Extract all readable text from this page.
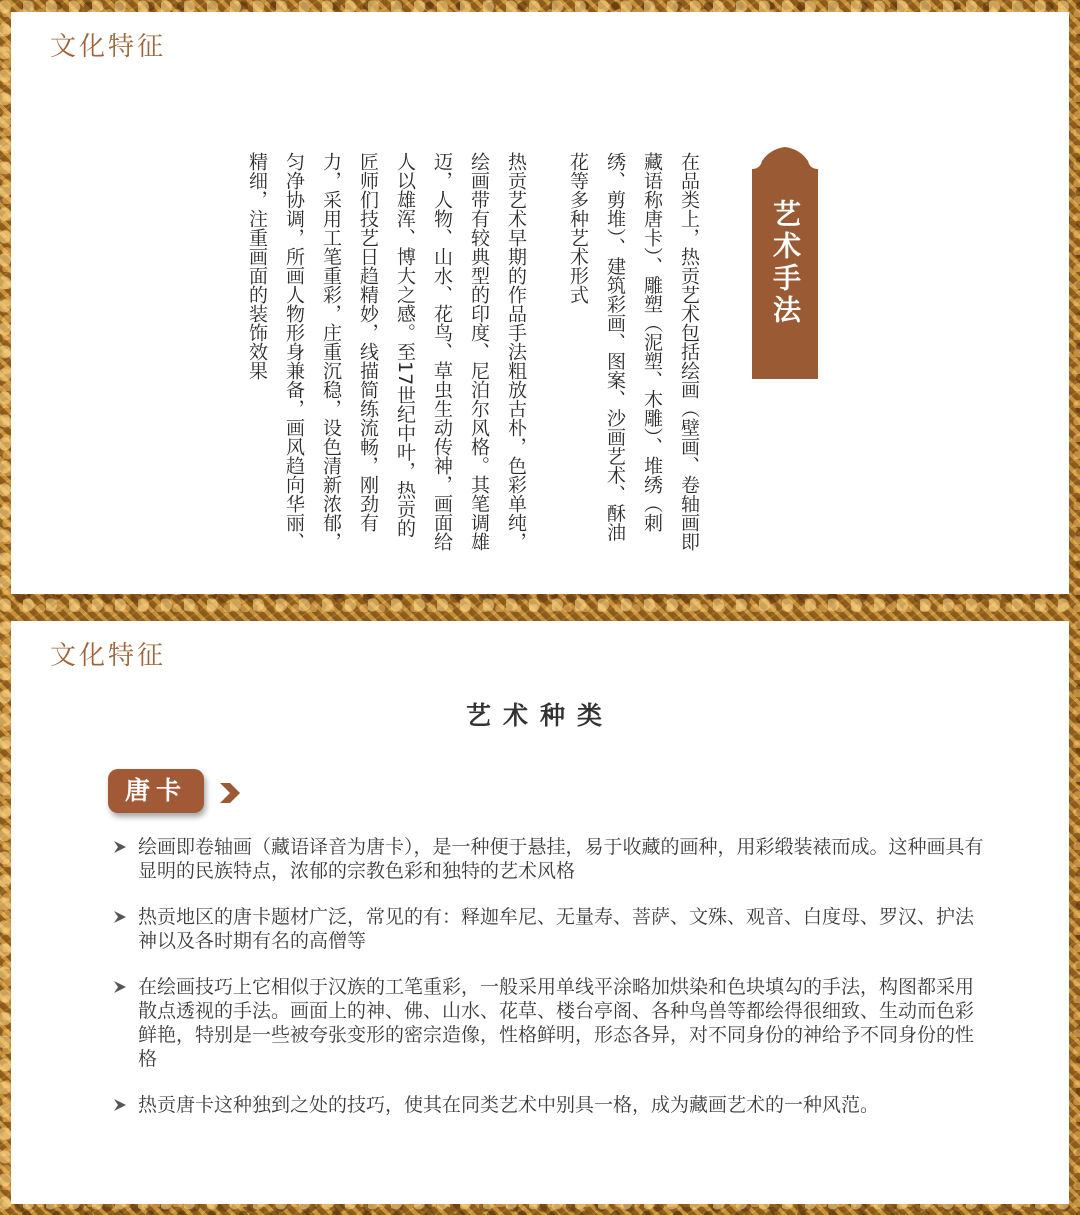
文化特征

在品类上，热贡艺术包括绘画（壁画、卷轴画即藏语称唐卡）、雕塑（泥塑、木雕）、堆绣（刺绣、剪堆）、建筑彩画、图案、沙画艺术、酥油花等多种艺术形式

热贡艺术早期的作品手法粗放古朴，色彩单纯，绘画带有较典型的印度、尼泊尔风格。其笔调雄迈，人物、山水、花鸟、草虫生动传神，画面给人以雄浑、博大之感。至17世纪中叶，热贡的匠师们技艺日趋精妙，线描简练流畅，刚劲有力，采用工笔重彩，庄重沉稳，设色清新浓郁，匀净协调，所画人物形身兼备，画风趋向华丽、精细，注重画面的装饰效果	艺术手法
文化特征
艺术种类
唐卡
绘画即卷轴画（藏语译音为唐卡），是一种便于悬挂，易于收藏的画种，用彩缎装裱而成。这种画具有显明的民族特点，浓郁的宗教色彩和独特的艺术风格
热贡地区的唐卡题材广泛，常见的有：释迦牟尼、无量寿、菩萨、文殊、观音、白度母、罗汉、护法神以及各时期有名的高僧等
在绘画技巧上它相似于汉族的工笔重彩，一般采用单线平涂略加烘染和色块填勾的手法，构图都采用散点透视的手法。画面上的神、佛、山水、花草、楼台亭阁、各种鸟兽等都绘得很细致、生动而色彩鲜艳，特别是一些被夸张变形的密宗造像，性格鲜明，形态各异，对不同身份的神给予不同身份的性格
热贡唐卡这种独到之处的技巧，使其在同类艺术中别具一格，成为藏画艺术的一种风范。
